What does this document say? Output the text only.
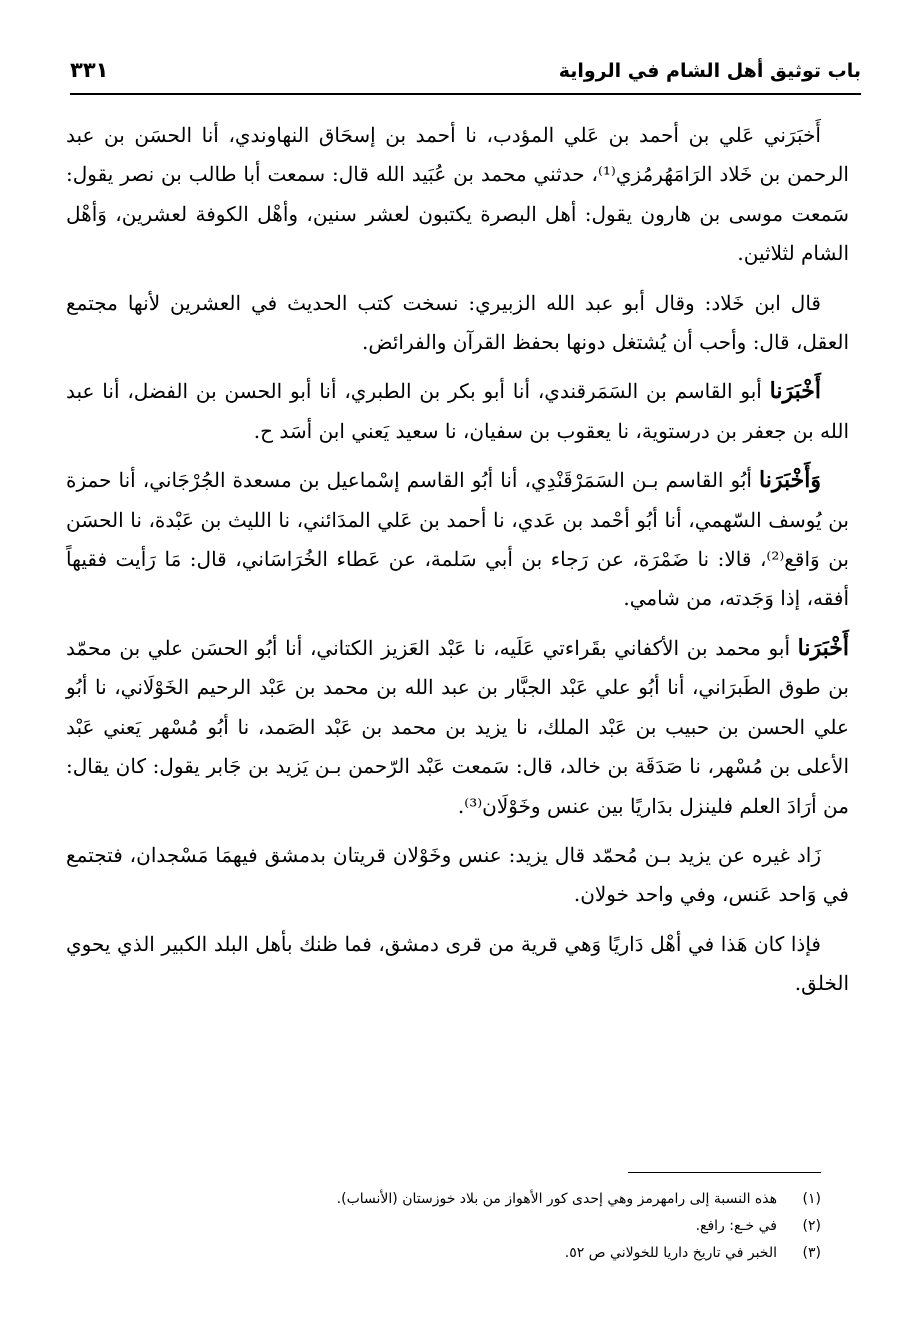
باب توثيق أهل الشام في الرواية
٣٣١

أَخبَرَني عَلي بن أحمد بن عَلي المؤدب، نا أحمد بن إسحَاق النهاوندي، أنا الحسَن بن عبد الرحمن بن خَلاد الرَامَهُرمُزي⁽¹⁾، حدثني محمد بن عُبَيد الله قال: سمعت أبا طالب بن نصر يقول: سَمعت موسى بن هارون يقول: أهل البصرة يكتبون لعشر سنين، وأهْل الكوفة لعشرين، وَأهْل الشام لثلاثين.

قال ابن خَلاد: وقال أبو عبد الله الزبيري: نسخت كتب الحديث في العشرين لأنها مجتمع العقل، قال: وأحب أن يُشتغل دونها بحفظ القرآن والفرائض.

أَخْبَرَنا أبو القاسم بن السَمَرقندي، أنا أبو بكر بن الطبري، أنا أبو الحسن بن الفضل، أنا عبد الله بن جعفر بن درستوية، نا يعقوب بن سفيان، نا سعيد يَعني ابن أسَد ح.

وَأَخْبَرَنا أبُو القاسم بـن السَمَرْقَنْدِي، أنا أبُو القاسم إسْماعيل بن مسعدة الجُرْجَاني، أنا حمزة بن يُوسف السّهمي، أنا أبُو أحْمد بن عَدي، نا أحمد بن عَلي المدَائني، نا الليث بن عَبْدة، نا الحسَن بن وَاقع⁽²⁾، قالا: نا ضَمْرَة، عن رَجاء بن أبي سَلمة، عن عَطاء الخُرَاسَاني، قال: مَا رَأيت فقيهاً أفقه، إذا وَجَدته، من شامي.

أَخْبَرَنا أبو محمد بن الأكفاني بقَراءتي عَلَيه، نا عَبْد العَزيز الكتاني، أنا أبُو الحسَن علي بن محمّد بن طوق الطَبرَاني، أنا أبُو علي عَبْد الجبَّار بن عبد الله بن محمد بن عَبْد الرحيم الخَوْلَاني، نا أبُو علي الحسن بن حبيب بن عَبْد الملك، نا يزيد بن محمد بن عَبْد الصَمد، نا أبُو مُسْهر يَعني عَبْد الأعلى بن مُسْهر، نا صَدَقَة بن خالد، قال: سَمعت عَبْد الرّحمن بـن يَزيد بن جَابر يقول: كان يقال: من أرَادَ العلم فلينزل بدَاريًا بين عنس وخَوْلَان⁽³⁾.

زَاد غيره عن يزيد بـن مُحمّد قال يزيد: عنس وخَوْلان قريتان بدمشق فيهمَا مَسْجدان، فتجتمع في وَاحد عَنس، وفي واحد خولان.

فإذا كان هَذا في أهْل دَاريًا وَهي قرية من قرى دمشق، فما ظنك بأهل البلد الكبير الذي يحوي الخلق.

(١)
هذه النسبة إلى رامهرمز وهي إحدى كور الأهواز من بلاد خوزستان (الأنساب).
(٢)
في خـع: رافع.
(٣)
الخبر في تاريخ داريا للخولاني ص ٥٢.
